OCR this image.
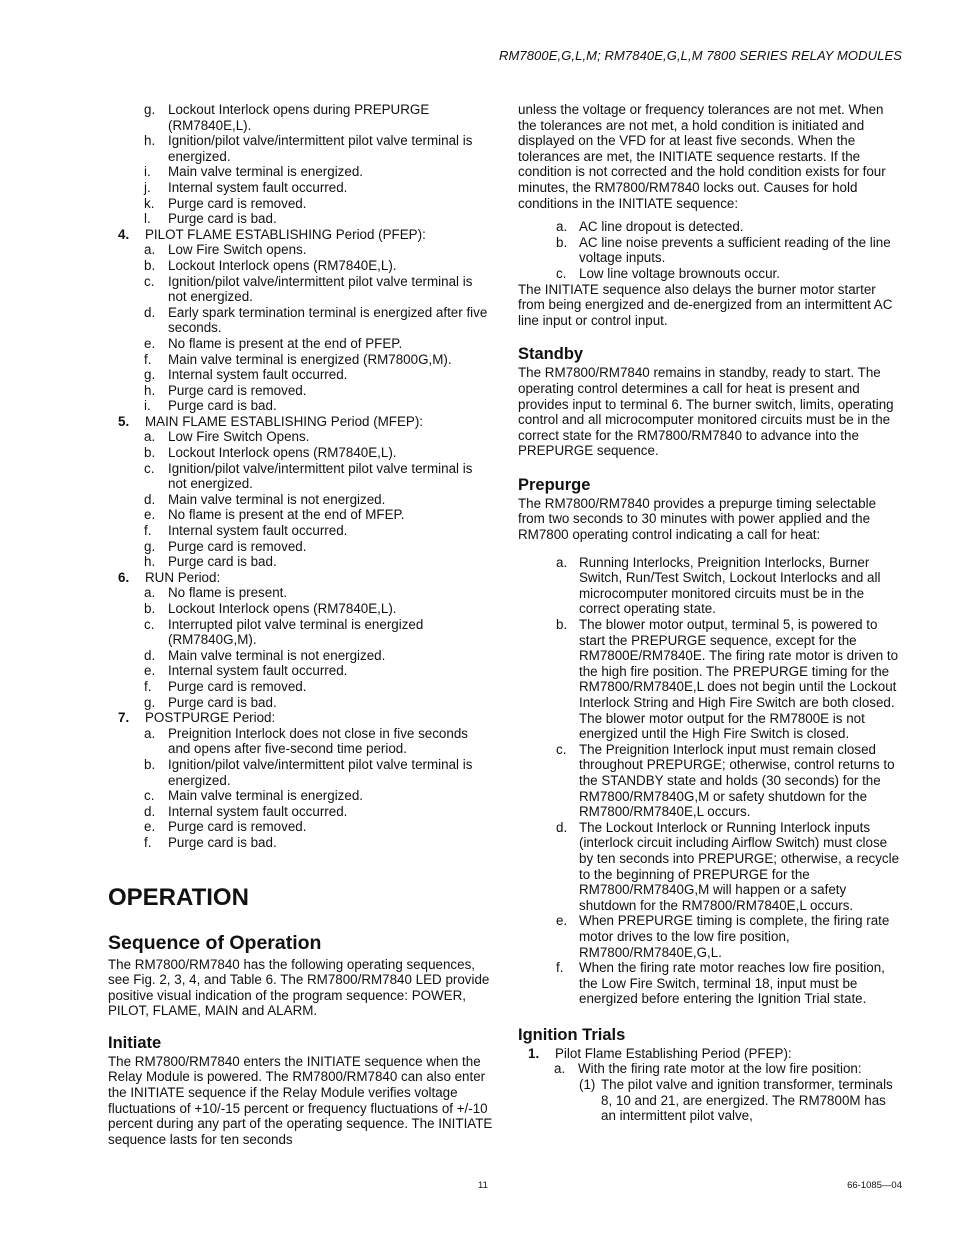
RM7800E,G,L,M; RM7840E,G,L,M 7800 SERIES RELAY MODULES
g. Lockout Interlock opens during PREPURGE (RM7840E,L).
h. Ignition/pilot valve/intermittent pilot valve terminal is energized.
i. Main valve terminal is energized.
j. Internal system fault occurred.
k. Purge card is removed.
l. Purge card is bad.
4. PILOT FLAME ESTABLISHING Period (PFEP):
a. Low Fire Switch opens.
b. Lockout Interlock opens (RM7840E,L).
c. Ignition/pilot valve/intermittent pilot valve terminal is not energized.
d. Early spark termination terminal is energized after five seconds.
e. No flame is present at the end of PFEP.
f. Main valve terminal is energized (RM7800G,M).
g. Internal system fault occurred.
h. Purge card is removed.
i. Purge card is bad.
5. MAIN FLAME ESTABLISHING Period (MFEP):
a. Low Fire Switch Opens.
b. Lockout Interlock opens (RM7840E,L).
c. Ignition/pilot valve/intermittent pilot valve terminal is not energized.
d. Main valve terminal is not energized.
e. No flame is present at the end of MFEP.
f. Internal system fault occurred.
g. Purge card is removed.
h. Purge card is bad.
6. RUN Period:
a. No flame is present.
b. Lockout Interlock opens (RM7840E,L).
c. Interrupted pilot valve terminal is energized (RM7840G,M).
d. Main valve terminal is not energized.
e. Internal system fault occurred.
f. Purge card is removed.
g. Purge card is bad.
7. POSTPURGE Period:
a. Preignition Interlock does not close in five seconds and opens after five-second time period.
b. Ignition/pilot valve/intermittent pilot valve terminal is energized.
c. Main valve terminal is energized.
d. Internal system fault occurred.
e. Purge card is removed.
f. Purge card is bad.
OPERATION
Sequence of Operation

The RM7800/RM7840 has the following operating sequences, see Fig. 2, 3, 4, and Table 6. The RM7800/RM7840 LED provide positive visual indication of the program sequence: POWER, PILOT, FLAME, MAIN and ALARM.

Initiate

The RM7800/RM7840 enters the INITIATE sequence when the Relay Module is powered. The RM7800/RM7840 can also enter the INITIATE sequence if the Relay Module verifies voltage fluctuations of +10/-15 percent or frequency fluctuations of +/-10 percent during any part of the operating sequence. The INITIATE sequence lasts for ten seconds

unless the voltage or frequency tolerances are not met. When the tolerances are not met, a hold condition is initiated and displayed on the VFD for at least five seconds. When the tolerances are met, the INITIATE sequence restarts. If the condition is not corrected and the hold condition exists for four minutes, the RM7800/RM7840 locks out. Causes for hold conditions in the INITIATE sequence:

a. AC line dropout is detected.
b. AC line noise prevents a sufficient reading of the line voltage inputs.
c. Low line voltage brownouts occur.

The INITIATE sequence also delays the burner motor starter from being energized and de-energized from an intermittent AC line input or control input.

Standby

The RM7800/RM7840 remains in standby, ready to start. The operating control determines a call for heat is present and provides input to terminal 6. The burner switch, limits, operating control and all microcomputer monitored circuits must be in the correct state for the RM7800/RM7840 to advance into the PREPURGE sequence.

Prepurge

The RM7800/RM7840 provides a prepurge timing selectable from two seconds to 30 minutes with power applied and the RM7800 operating control indicating a call for heat:

a. Running Interlocks, Preignition Interlocks, Burner Switch, Run/Test Switch, Lockout Interlocks and all microcomputer monitored circuits must be in the correct operating state.
b. The blower motor output, terminal 5, is powered to start the PREPURGE sequence, except for the RM7800E/RM7840E. The firing rate motor is driven to the high fire position. The PREPURGE timing for the RM7800/RM7840E,L does not begin until the Lockout Interlock String and High Fire Switch are both closed. The blower motor output for the RM7800E is not energized until the High Fire Switch is closed.
c. The Preignition Interlock input must remain closed throughout PREPURGE; otherwise, control returns to the STANDBY state and holds (30 seconds) for the RM7800/RM7840G,M or safety shutdown for the RM7800/RM7840E,L occurs.
d. The Lockout Interlock or Running Interlock inputs (interlock circuit including Airflow Switch) must close by ten seconds into PREPURGE; otherwise, a recycle to the beginning of PREPURGE for the RM7800/RM7840G,M will happen or a safety shutdown for the RM7800/RM7840E,L occurs.
e. When PREPURGE timing is complete, the firing rate motor drives to the low fire position, RM7800/RM7840E,G,L.
f. When the firing rate motor reaches low fire position, the Low Fire Switch, terminal 18, input must be energized before entering the Ignition Trial state.
Ignition Trials
1. Pilot Flame Establishing Period (PFEP):
a. With the firing rate motor at the low fire position:
(1) The pilot valve and ignition transformer, terminals 8, 10 and 21, are energized. The RM7800M has an intermittent pilot valve,
11	66-1085—04
